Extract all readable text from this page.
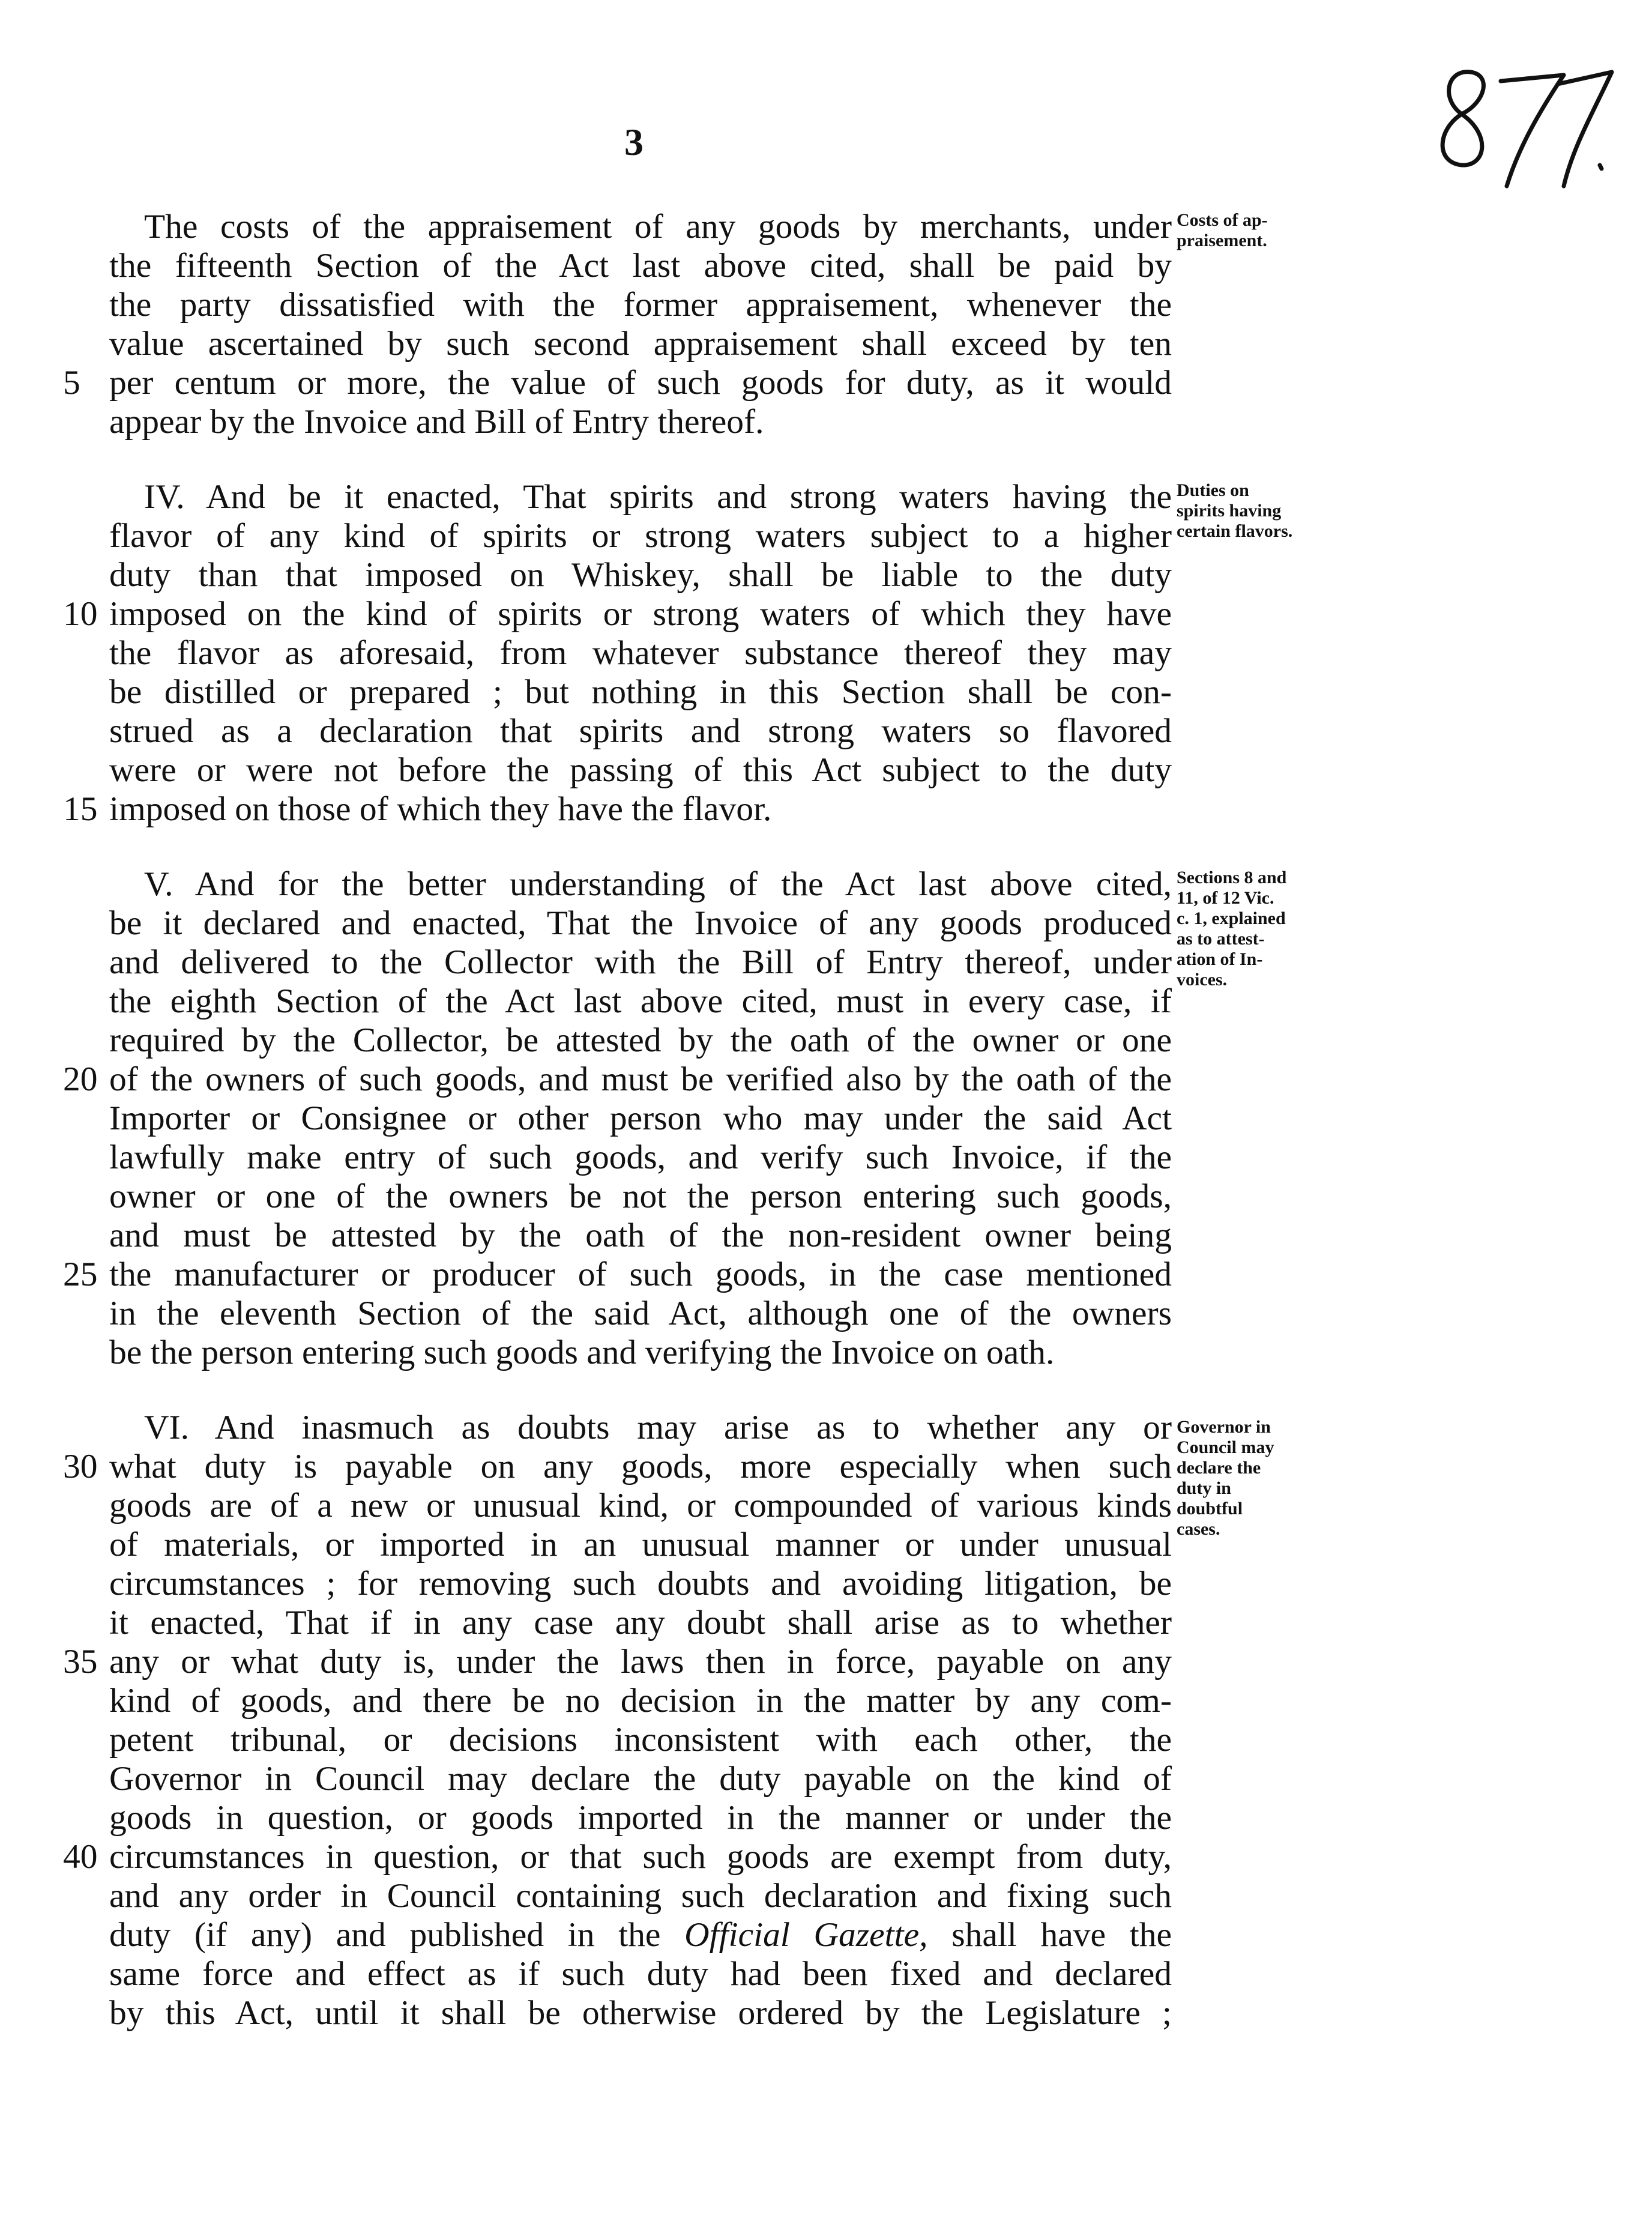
3
The costs of the appraisement of any goods by merchants, under
the fifteenth Section of the Act last above cited, shall be paid by
the party dissatisfied with the former appraisement, whenever the
value ascertained by such second appraisement shall exceed by ten
per centum or more, the value of such goods for duty, as it would
appear by the Invoice and Bill of Entry thereof.
Costs of ap-
praisement.
IV. And be it enacted, That spirits and strong waters having the
flavor of any kind of spirits or strong waters subject to a higher
duty than that imposed on Whiskey, shall be liable to the duty
imposed on the kind of spirits or strong waters of which they have
the flavor as aforesaid, from whatever substance thereof they may
be distilled or prepared ; but nothing in this Section shall be con-
strued as a declaration that spirits and strong waters so flavored
were or were not before the passing of this Act subject to the duty
imposed on those of which they have the flavor.
Duties on
spirits having
certain flavors.
V. And for the better understanding of the Act last above cited,
be it declared and enacted, That the Invoice of any goods produced
and delivered to the Collector with the Bill of Entry thereof, under
the eighth Section of the Act last above cited, must in every case, if
required by the Collector, be attested by the oath of the owner or one
of the owners of such goods, and must be verified also by the oath of the
Importer or Consignee or other person who may under the said Act
lawfully make entry of such goods, and verify such Invoice, if the
owner or one of the owners be not the person entering such goods,
and must be attested by the oath of the non-resident owner being
the manufacturer or producer of such goods, in the case mentioned
in the eleventh Section of the said Act, although one of the owners
be the person entering such goods and verifying the Invoice on oath.
Sections 8 and
11, of 12 Vic.
c. 1, explained
as to attest-
ation of In-
voices.
VI. And inasmuch as doubts may arise as to whether any or
what duty is payable on any goods, more especially when such
goods are of a new or unusual kind, or compounded of various kinds
of materials, or imported in an unusual manner or under unusual
circumstances ; for removing such doubts and avoiding litigation, be
it enacted, That if in any case any doubt shall arise as to whether
any or what duty is, under the laws then in force, payable on any
kind of goods, and there be no decision in the matter by any com-
petent tribunal, or decisions inconsistent with each other, the
Governor in Council may declare the duty payable on the kind of
goods in question, or goods imported in the manner or under the
circumstances in question, or that such goods are exempt from duty,
and any order in Council containing such declaration and fixing such
duty (if any) and published in the Official Gazette, shall have the
same force and effect as if such duty had been fixed and declared
by this Act, until it shall be otherwise ordered by the Legislature ;
Governor in
Council may
declare the
duty in
doubtful
cases.
5
10
15
20
25
30
35
40
